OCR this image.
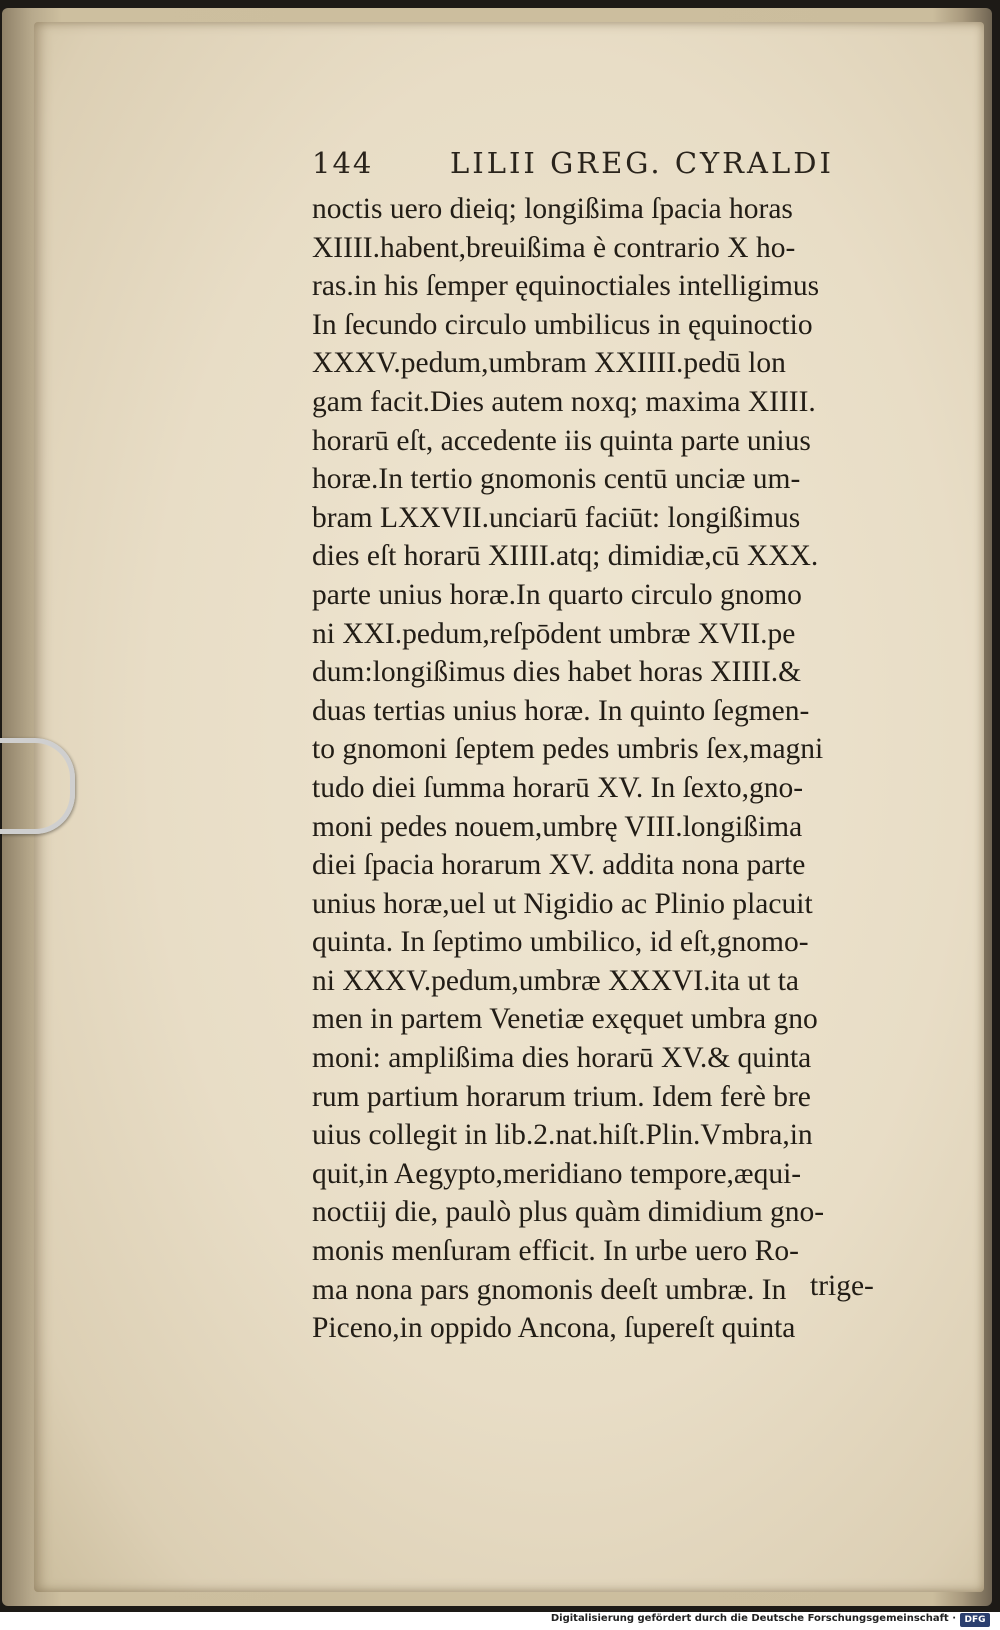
144	LILII GREG. CYRALDI
noctis uero dieiq; longißima ſpacia horas
XIIII.habent,breuißima è contrario X ho-
ras.in his ſemper ęquinoctiales intelligimus
In ſecundo circulo umbilicus in ęquinoctio
XXXV.pedum,umbram XXIIII.pedū lon
gam facit.Dies autem noxq; maxima XIIII.
horarū eſt, accedente iis quinta parte unius
horæ.In tertio gnomonis centū unciæ um-
bram LXXVII.unciarū faciūt: longißimus
dies eſt horarū XIIII.atq; dimidiæ,cū XXX.
parte unius horæ.In quarto circulo gnomo
ni XXI.pedum,reſpōdent umbræ XVII.pe
dum:longißimus dies habet horas XIIII.&
duas tertias unius horæ. In quinto ſegmen-
to gnomoni ſeptem pedes umbris ſex,magni
tudo diei ſumma horarū XV. In ſexto,gno-
moni pedes nouem,umbrę VIII.longißima
diei ſpacia horarum XV. addita nona parte
unius horæ,uel ut Nigidio ac Plinio placuit
quinta. In ſeptimo umbilico, id eſt,gnomo-
ni XXXV.pedum,umbræ XXXVI.ita ut ta
men in partem Venetiæ exęquet umbra gno
moni: amplißima dies horarū XV.& quinta
rum partium horarum trium. Idem ferè bre
uius collegit in lib.2.nat.hiſt.Plin.Vmbra,in
quit,in Aegypto,meridiano tempore,æqui-
noctiij die, paulò plus quàm dimidium gno-
monis menſuram efficit. In urbe uero Ro-
ma nona pars gnomonis deeſt umbræ. In
Piceno,in oppido Ancona, ſupereſt quinta
trige-
Digitalisierung gefördert durch die Deutsche Forschungsgemeinschaft · DFG
